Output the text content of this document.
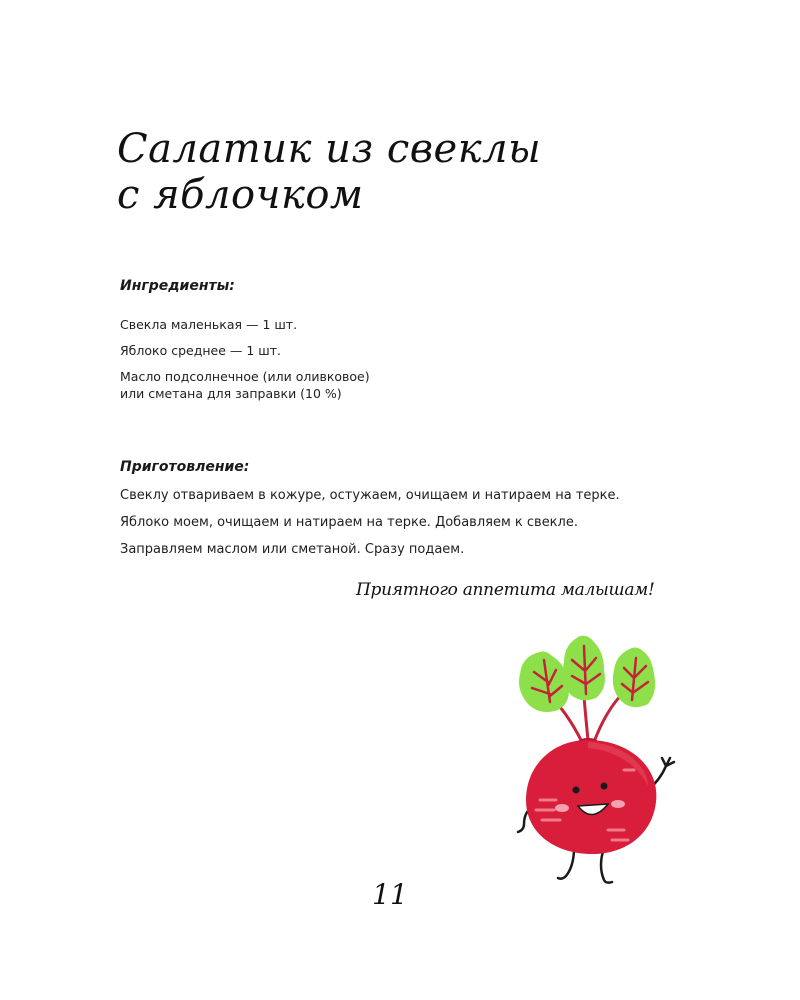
Салатик из свеклы
с яблочком
Ингредиенты:
Свекла маленькая — 1 шт.
Яблоко среднее — 1 шт.
Масло подсолнечное (или оливковое)
или сметана для заправки (10 %)
Приготовление:
Свеклу отвариваем в кожуре, остужаем, очищаем и натираем на терке.
Яблоко моем, очищаем и натираем на терке. Добавляем к свекле.
Заправляем маслом или сметаной. Сразу подаем.
Приятного аппетита малышам!
11
